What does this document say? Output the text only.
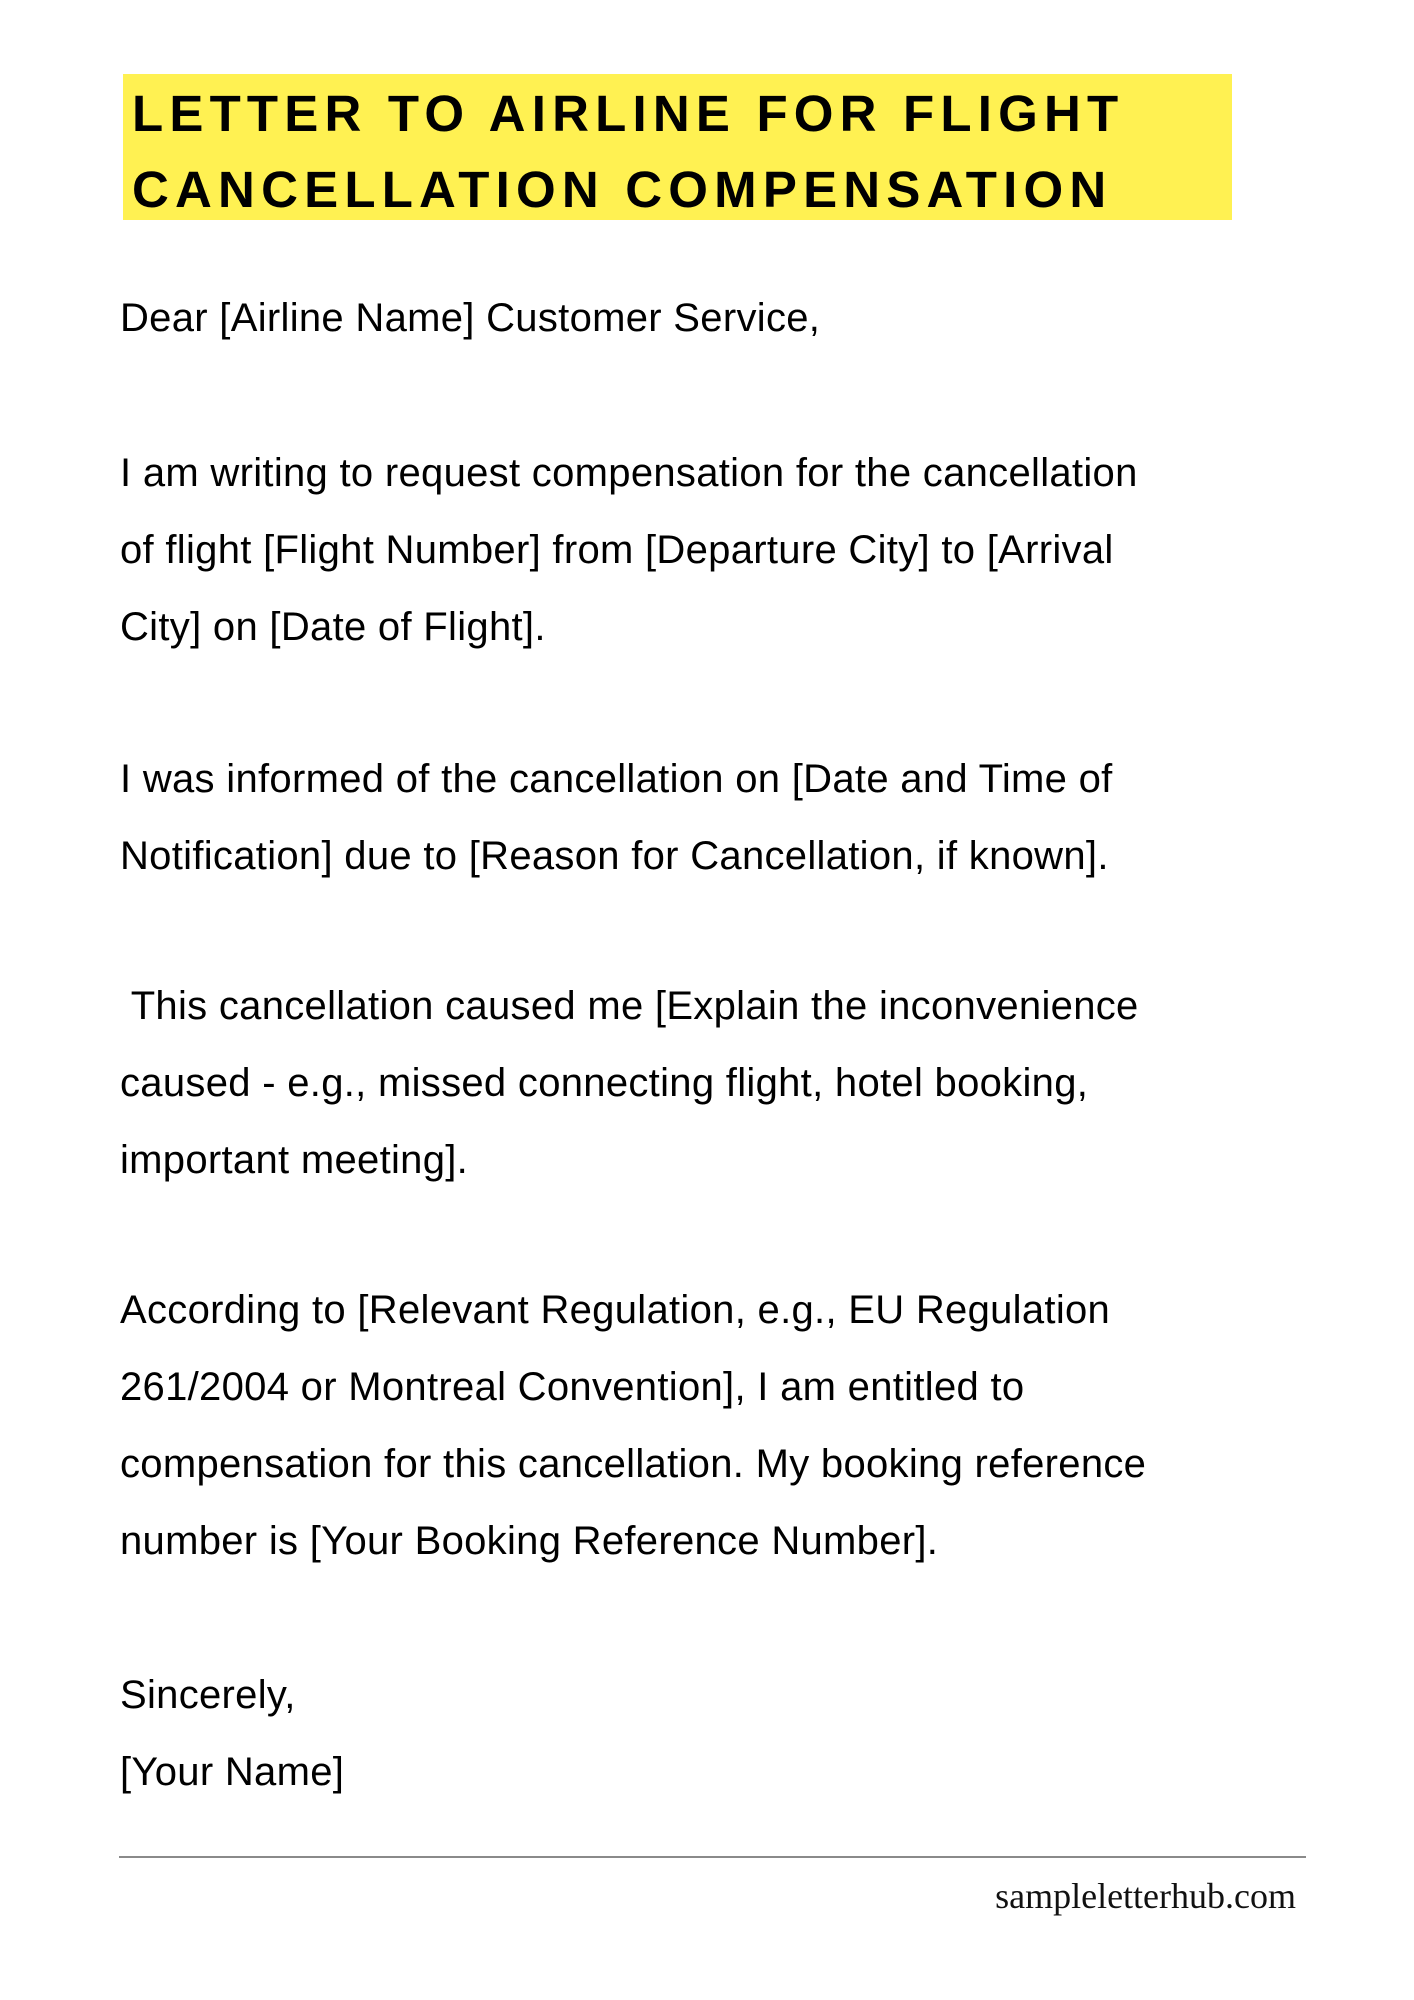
LETTER TO AIRLINE FOR FLIGHT
CANCELLATION COMPENSATION
Dear [Airline Name] Customer Service,
I am writing to request compensation for the cancellation
of flight [Flight Number] from [Departure City] to [Arrival
City] on [Date of Flight].
I was informed of the cancellation on [Date and Time of
Notification] due to [Reason for Cancellation, if known].
This cancellation caused me [Explain the inconvenience
caused - e.g., missed connecting flight, hotel booking,
important meeting].
According to [Relevant Regulation, e.g., EU Regulation
261/2004 or Montreal Convention], I am entitled to
compensation for this cancellation. My booking reference
number is [Your Booking Reference Number].
Sincerely,
[Your Name]
sampleletterhub.com
